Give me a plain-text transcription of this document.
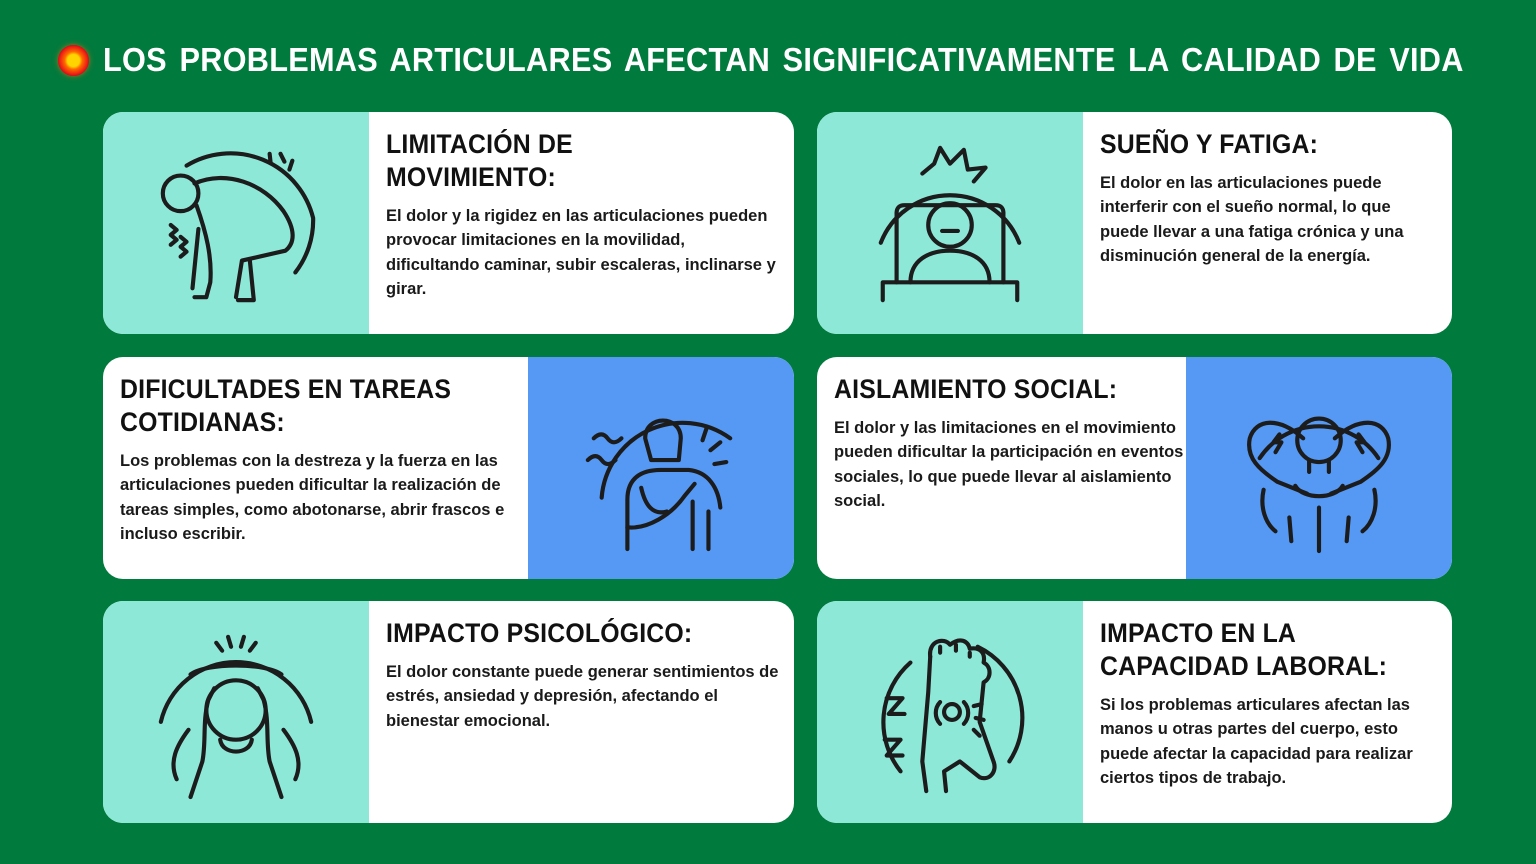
LOS PROBLEMAS ARTICULARES AFECTAN SIGNIFICATIVAMENTE LA CALIDAD DE VIDA
LIMITACIÓN DE MOVIMIENTO:

El dolor y la rigidez en las articulaciones pueden provocar limitaciones en la movilidad, dificultando caminar, subir escaleras, inclinarse y girar.

SUEÑO Y FATIGA:

El dolor en las articulaciones puede interferir con el sueño normal, lo que puede llevar a una fatiga crónica y una disminución general de la energía.

DIFICULTADES EN TAREAS COTIDIANAS:

Los problemas con la destreza y la fuerza en las articulaciones pueden dificultar la realización de tareas simples, como abotonarse, abrir frascos e incluso escribir.

AISLAMIENTO SOCIAL:

El dolor y las limitaciones en el movimiento pueden dificultar la participación en eventos sociales, lo que puede llevar al aislamiento social.

IMPACTO PSICOLÓGICO:

El dolor constante puede generar sentimientos de estrés, ansiedad y depresión, afectando el bienestar emocional.

IMPACTO EN LA CAPACIDAD LABORAL:

Si los problemas articulares afectan las manos u otras partes del cuerpo, esto puede afectar la capacidad para realizar ciertos tipos de trabajo.
